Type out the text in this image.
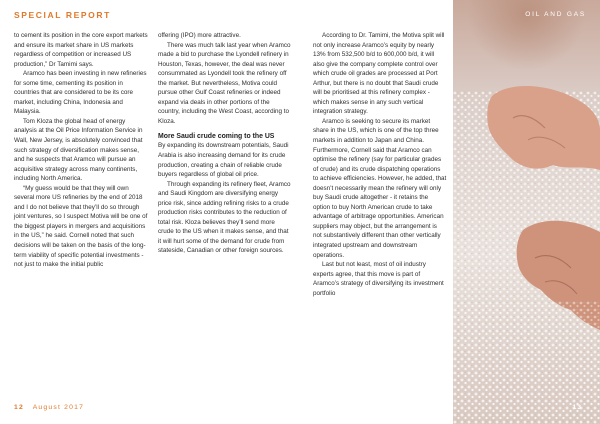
SPECIAL REPORT

to cement its position in the core export markets and ensure its market share in US markets regardless of competition or increased US production,” Dr Tamimi says.

Aramco has been investing in new refineries for some time, cementing its position in countries that are considered to be its core market, including China, Indonesia and Malaysia.

Tom Kloza the global head of energy analysis at the Oil Price Information Service in Wall, New Jersey, is absolutely convinced that such strategy of diversification makes sense, and he suspects that Aramco will pursue an acquisitive strategy across many continents, including North America.

“My guess would be that they will own several more US refineries by the end of 2018 and I do not believe that they’ll do so through joint ventures, so I suspect Motiva will be one of the biggest players in mergers and acquisitions in the US,” he said. Cornell noted that such decisions will be taken on the basis of the long-term viability of specific potential investments - not just to make the initial public

offering (IPO) more attractive.

There was much talk last year when Aramco made a bid to purchase the Lyondell refinery in Houston, Texas, however, the deal was never consummated as Lyondell took the refinery off the market. But nevertheless, Motiva could pursue other Gulf Coast refineries or indeed expand via deals in other portions of the country, including the West Coast, according to Kloza.

More Saudi crude coming to the US

By expanding its downstream potentials, Saudi Arabia is also increasing demand for its crude production, creating a chain of reliable crude buyers regardless of global oil price.

Through expanding its refinery fleet, Aramco and Saudi Kingdom are diversifying energy price risk, since adding refining risks to a crude production risks contributes to the reduction of total risk. Kloza believes they’ll send more crude to the US when it makes sense, and that it will hurt some of the demand for crude from stateside, Canadian or other foreign sources.

According to Dr. Tamimi, the Motiva split will not only increase Aramco’s equity by nearly 13% from 532,500 b/d to 600,000 b/d, it will also give the company complete control over which crude oil grades are processed at Port Arthur, but there is no doubt that Saudi crude will be prioritised at this refinery complex - which makes sense in any such vertical integration strategy.

Aramco is seeking to secure its market share in the US, which is one of the top three markets in addition to Japan and China. Furthermore, Cornell said that Aramco can optimise the refinery (say for particular grades of crude) and its crude dispatching operations to achieve efficiencies. However, he added, that doesn’t necessarily mean the refinery will only buy Saudi crude altogether - it retains the option to buy North American crude to take advantage of arbitrage opportunities. American suppliers may object, but the arrangement is not substantively different than other vertically integrated upstream and downstream operations.

Last but not least, most of oil industry experts agree, that this move is part of Aramco’s strategy of diversifying its investment portfolio

OIL AND GAS
12 August 2017	13
